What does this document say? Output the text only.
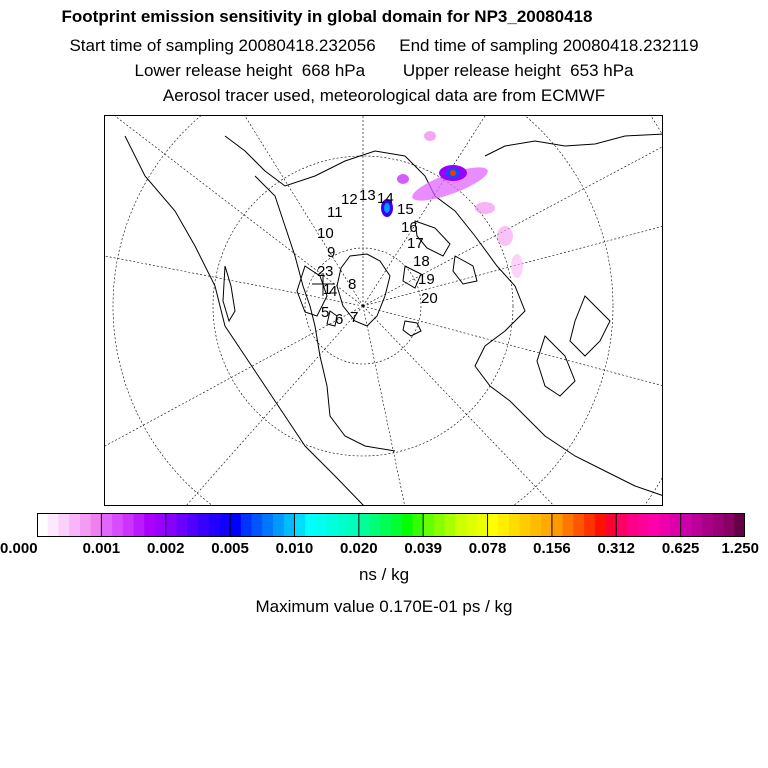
Footprint emission sensitivity in global domain for NP3_20080418
Start time of sampling 20080418.232056     End time of sampling 20080418.232119
Lower release height  668 hPa        Upper release height  653 hPa
Aerosol tracer used, meteorological data are from ECMWF
1
2 3
4
5 6 7
8
9
10
11
12 13 14
15
16
17
18
19
20
0.000	0.001 0.002 0.005 0.010 0.020 0.039 0.078 0.156 0.312 0.625 1.250
ns / kg
Maximum value 0.170E-01 ps / kg
